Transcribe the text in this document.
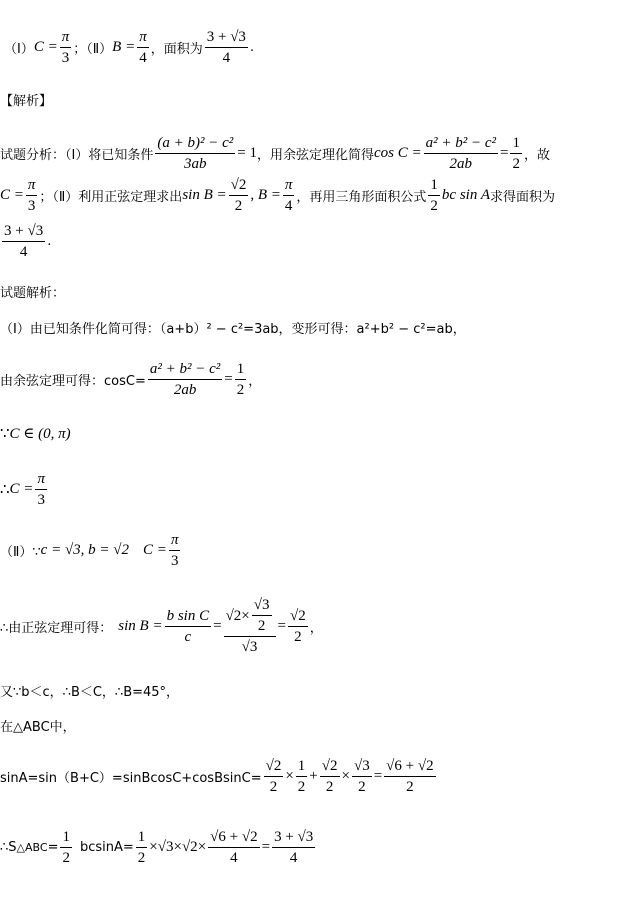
（Ⅰ） $C = \frac{\pi}{3}$ ；（Ⅱ） $B = \frac{\pi}{4}$ ，面积为 $\frac{3 + √3}{4}$ .
【解析】
试题分析：（Ⅰ）将已知条件 $\frac{\text{(a + b)² − c²}}{3ab} = 1$ ，用余弦定理化简得 $\cos C = \frac{\text{a² + b² − c²}}{2ab} = \frac{1}{2}$ ，故
$C = \frac{\pi}{3}$ ；（Ⅱ）利用正弦定理求出 $\sin B = \frac{√2}{2}$ , $B = \frac{\pi}{4}$ ，再用三角形面积公式 $\frac{1}{2}$ bc sin A 求得面积为
$\frac{3 + √3}{4}$ .
试题解析：
（Ⅰ）由已知条件化简可得：（a+b）² − c²=3ab，变形可得：a²+b² − c²=ab，
由余弦定理可得：$\cos C= \frac{\text{a² + b² − c²}}{2ab} = \frac{1}{2}$ ，
∵ C ∈ (0, π)
∴ $C = \frac{\pi}{3}$
（Ⅱ）∵ c = √3, b = √2 $C = \frac{\pi}{3}$
∴由正弦定理可得： $\sin B = \frac{\text{b sin C}}{c} = \frac{√2 \times \frac{√3}{2}}{√3} = \frac{√2}{2}$ ，
又∵b＜c，∴B＜C，∴B=45°，
在△ABC中，
sinA=sin（B+C）=sinBcosC+cosBsinC= $\frac{√2}{2} \times \frac{1}{2} + \frac{√2}{2} \times \frac{√3}{2} = \frac{√6 + √2}{2}$
∴S △ABC = $\frac{1}{2} bcsinA= \frac{1}{2} \times √3 \times √2 \times \frac{√6 + √2}{4} = \frac{3 + √3}{4}$
